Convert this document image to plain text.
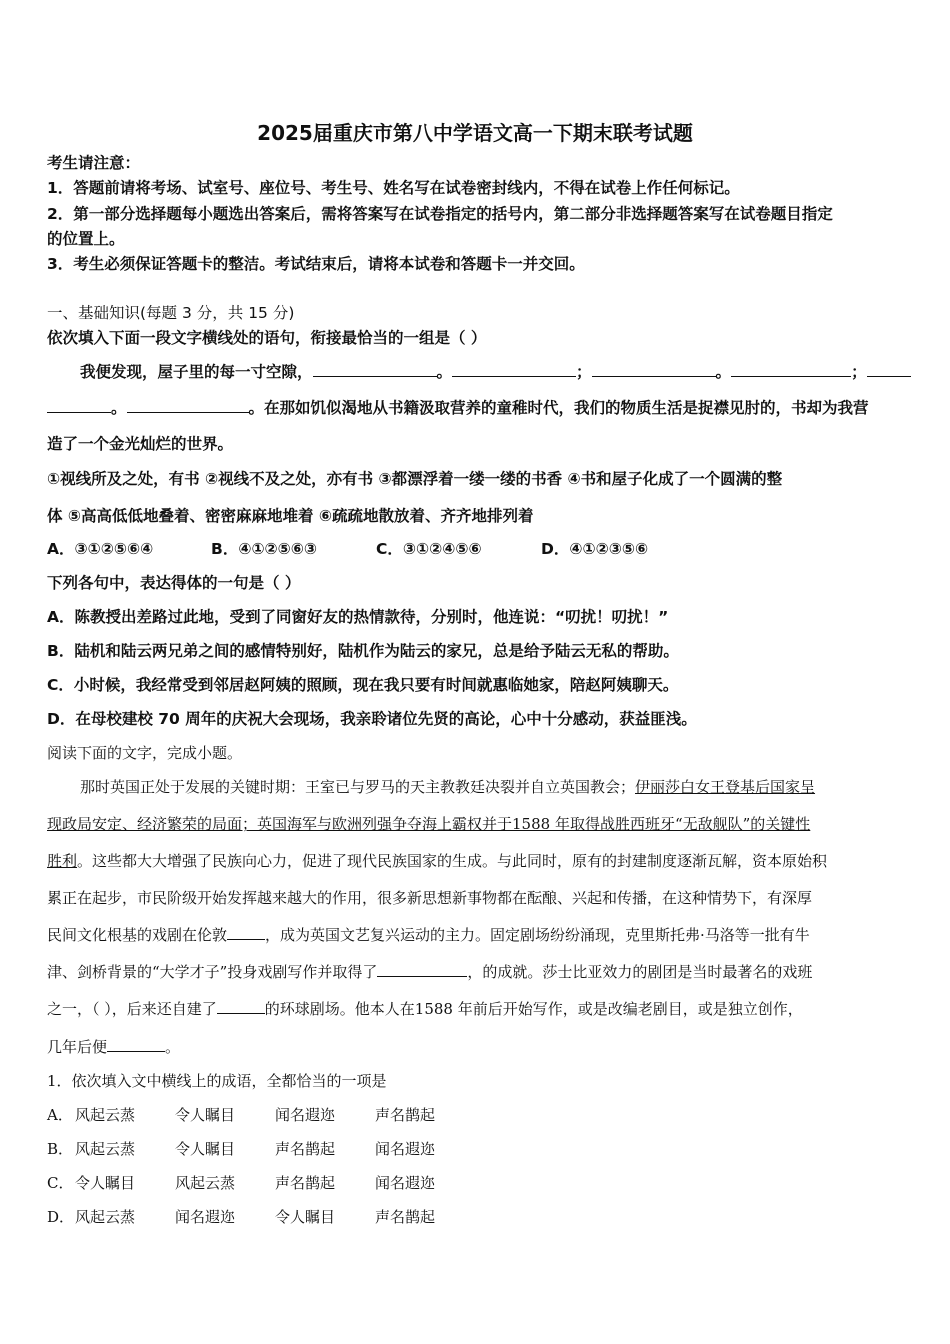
2025届重庆市第八中学语文高一下期末联考试题
考生请注意：
1．答题前请将考场、试室号、座位号、考生号、姓名写在试卷密封线内，不得在试卷上作任何标记。
2．第一部分选择题每小题选出答案后，需将答案写在试卷指定的括号内，第二部分非选择题答案写在试卷题目指定
的位置上。
3．考生必须保证答题卡的整洁。考试结束后，请将本试卷和答题卡一并交回。
一、基础知识(每题 3 分，共 15 分)
依次填入下面一段文字横线处的语句，衔接最恰当的一组是（ ）
我便发现，屋子里的每一寸空隙，	。	；	。	；
。	。在那如饥似渴地从书籍汲取营养的童稚时代，我们的物质生活是捉襟见肘的，书却为我营
造了一个金光灿烂的世界。
①视线所及之处，有书 ②视线不及之处，亦有书 ③都漂浮着一缕一缕的书香 ④书和屋子化成了一个圆满的整
体 ⑤高高低低地叠着、密密麻麻地堆着 ⑥疏疏地散放着、齐齐地排列着
A．③①②⑤⑥④	B．④①②⑤⑥③	C．③①②④⑤⑥	D．④①②③⑤⑥
下列各句中，表达得体的一句是（ ）
A．陈教授出差路过此地，受到了同窗好友的热情款待，分别时，他连说：“叨扰！叨扰！”
B．陆机和陆云两兄弟之间的感情特别好，陆机作为陆云的家兄，总是给予陆云无私的帮助。
C．小时候，我经常受到邻居赵阿姨的照顾，现在我只要有时间就惠临她家，陪赵阿姨聊天。
D．在母校建校 70 周年的庆祝大会现场，我亲聆诸位先贤的高论，心中十分感动，获益匪浅。
阅读下面的文字，完成小题。
那时英国正处于发展的关键时期：王室已与罗马的天主教教廷决裂并自立英国教会；伊丽莎白女王登基后国家呈
现政局安定、经济繁荣的局面；英国海军与欧洲列强争夺海上霸权并于1588 年取得战胜西班牙“无敌舰队”的关键性
胜利。这些都大大增强了民族向心力，促进了现代民族国家的生成。与此同时，原有的封建制度逐渐瓦解，资本原始积
累正在起步，市民阶级开始发挥越来越大的作用，很多新思想新事物都在酝酿、兴起和传播，在这种情势下，有深厚
民间文化根基的戏剧在伦敦	，成为英国文艺复兴运动的主力。固定剧场纷纷涌现，克里斯托弗·马洛等一批有牛
津、剑桥背景的“大学才子”投身戏剧写作并取得了	，的成就。莎士比亚效力的剧团是当时最著名的戏班
之一，（ ），后来还自建了	的环球剧场。他本人在1588 年前后开始写作，或是改编老剧目，或是独立创作，
几年后便	。
1．依次填入文中横线上的成语，全都恰当的一项是
A． 风起云蒸	令人瞩目	闻名遐迩	声名鹊起
B． 风起云蒸	令人瞩目	声名鹊起	闻名遐迩
C． 令人瞩目	风起云蒸	声名鹊起	闻名遐迩
D．风起云蒸	闻名遐迩	令人瞩目	声名鹊起
